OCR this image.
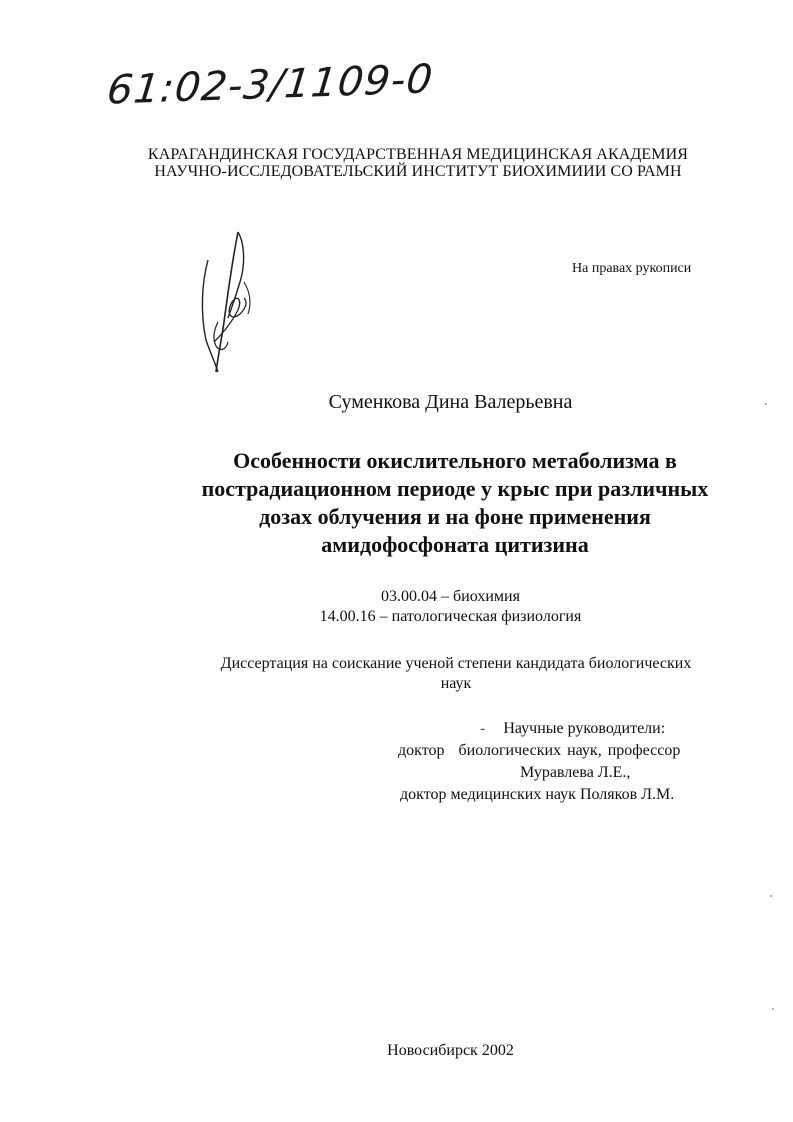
61:02-3/1109-0
КАРАГАНДИНСКАЯ ГОСУДАРСТВЕННАЯ МЕДИЦИНСКАЯ АКАДЕМИЯ
НАУЧНО-ИССЛЕДОВАТЕЛЬСКИЙ ИНСТИТУТ БИОХИМИИИ СО РАМН
На правах рукописи
Суменкова Дина Валерьевна
Особенности окислительного метаболизма в
пострадиационном периоде у крыс при различных
дозах облучения и на фоне применения
амидофосфоната цитизина
03.00.04 – биохимия
14.00.16 – патологическая физиология
Диссертация на соискание ученой степени кандидата биологических
наук
- Научные руководители:
доктор биологических наук, профессор
Муравлева Л.Е.,
доктор медицинских наук Поляков Л.М.
Новосибирск 2002
